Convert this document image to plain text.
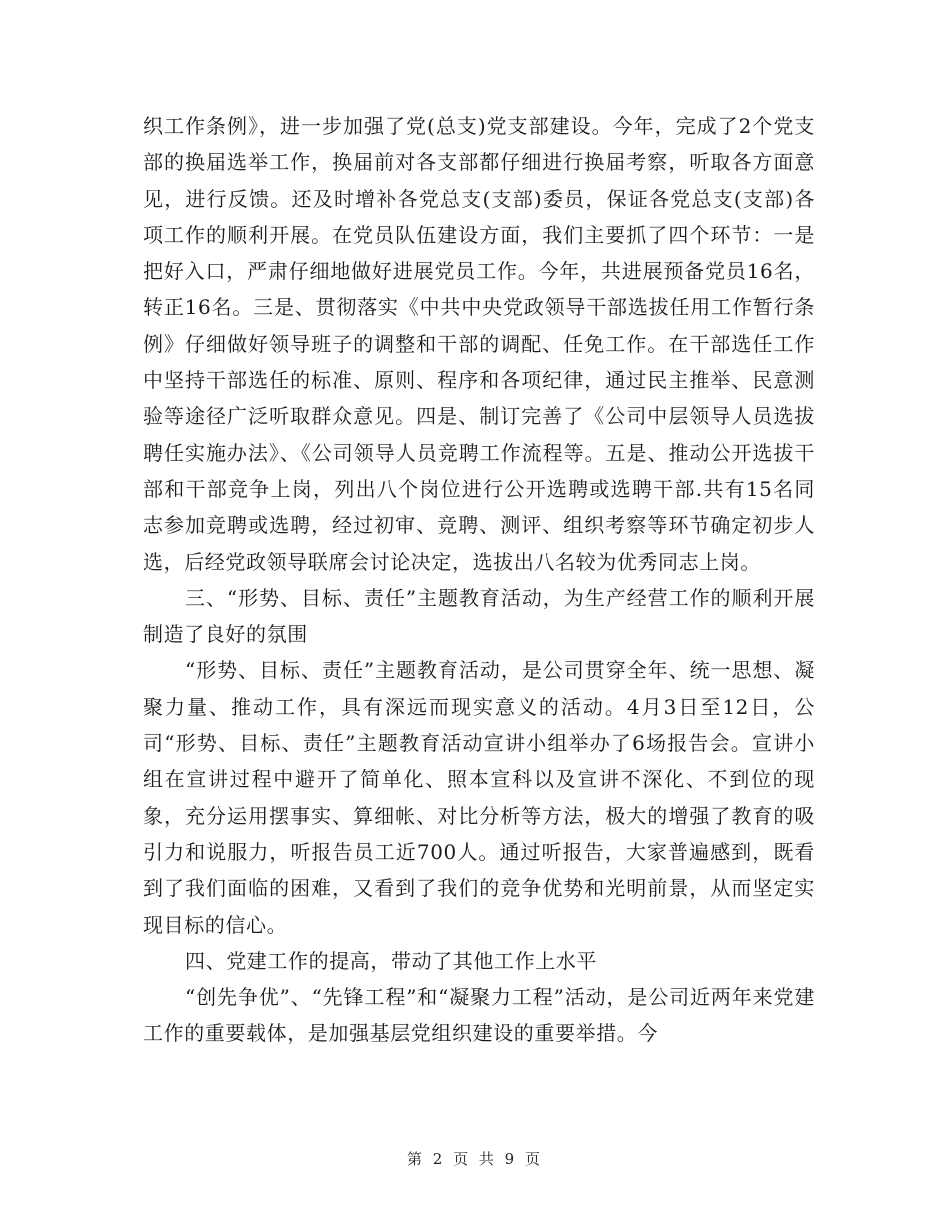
织工作条例》，进一步加强了党(总支)党支部建设。今年，完成了2个党支部的换届选举工作，换届前对各支部都仔细进行换届考察，听取各方面意见，进行反馈。还及时增补各党总支(支部)委员，保证各党总支(支部)各项工作的顺利开展。在党员队伍建设方面，我们主要抓了四个环节：一是把好入口，严肃仔细地做好进展党员工作。今年，共进展预备党员16名，转正16名。三是、贯彻落实《中共中央党政领导干部选拔任用工作暂行条例》仔细做好领导班子的调整和干部的调配、任免工作。在干部选任工作中坚持干部选任的标准、原则、程序和各项纪律，通过民主推举、民意测验等途径广泛听取群众意见。四是、制订完善了《公司中层领导人员选拔聘任实施办法》、《公司领导人员竞聘工作流程等。五是、推动公开选拔干部和干部竞争上岗，列出八个岗位进行公开选聘或选聘干部.共有15名同志参加竞聘或选聘，经过初审、竞聘、测评、组织考察等环节确定初步人选，后经党政领导联席会讨论决定，选拔出八名较为优秀同志上岗。

三、“形势、目标、责任”主题教育活动，为生产经营工作的顺利开展制造了良好的氛围

“形势、目标、责任”主题教育活动，是公司贯穿全年、统一思想、凝聚力量、推动工作，具有深远而现实意义的活动。4月3日至12日，公司“形势、目标、责任”主题教育活动宣讲小组举办了6场报告会。宣讲小组在宣讲过程中避开了简单化、照本宣科以及宣讲不深化、不到位的现象，充分运用摆事实、算细帐、对比分析等方法，极大的增强了教育的吸引力和说服力，听报告员工近700人。通过听报告，大家普遍感到，既看到了我们面临的困难，又看到了我们的竞争优势和光明前景，从而坚定实现目标的信心。

四、党建工作的提高，带动了其他工作上水平

“创先争优”、“先锋工程”和“凝聚力工程”活动，是公司近两年来党建工作的重要载体，是加强基层党组织建设的重要举措。今

第 2 页 共 9 页
